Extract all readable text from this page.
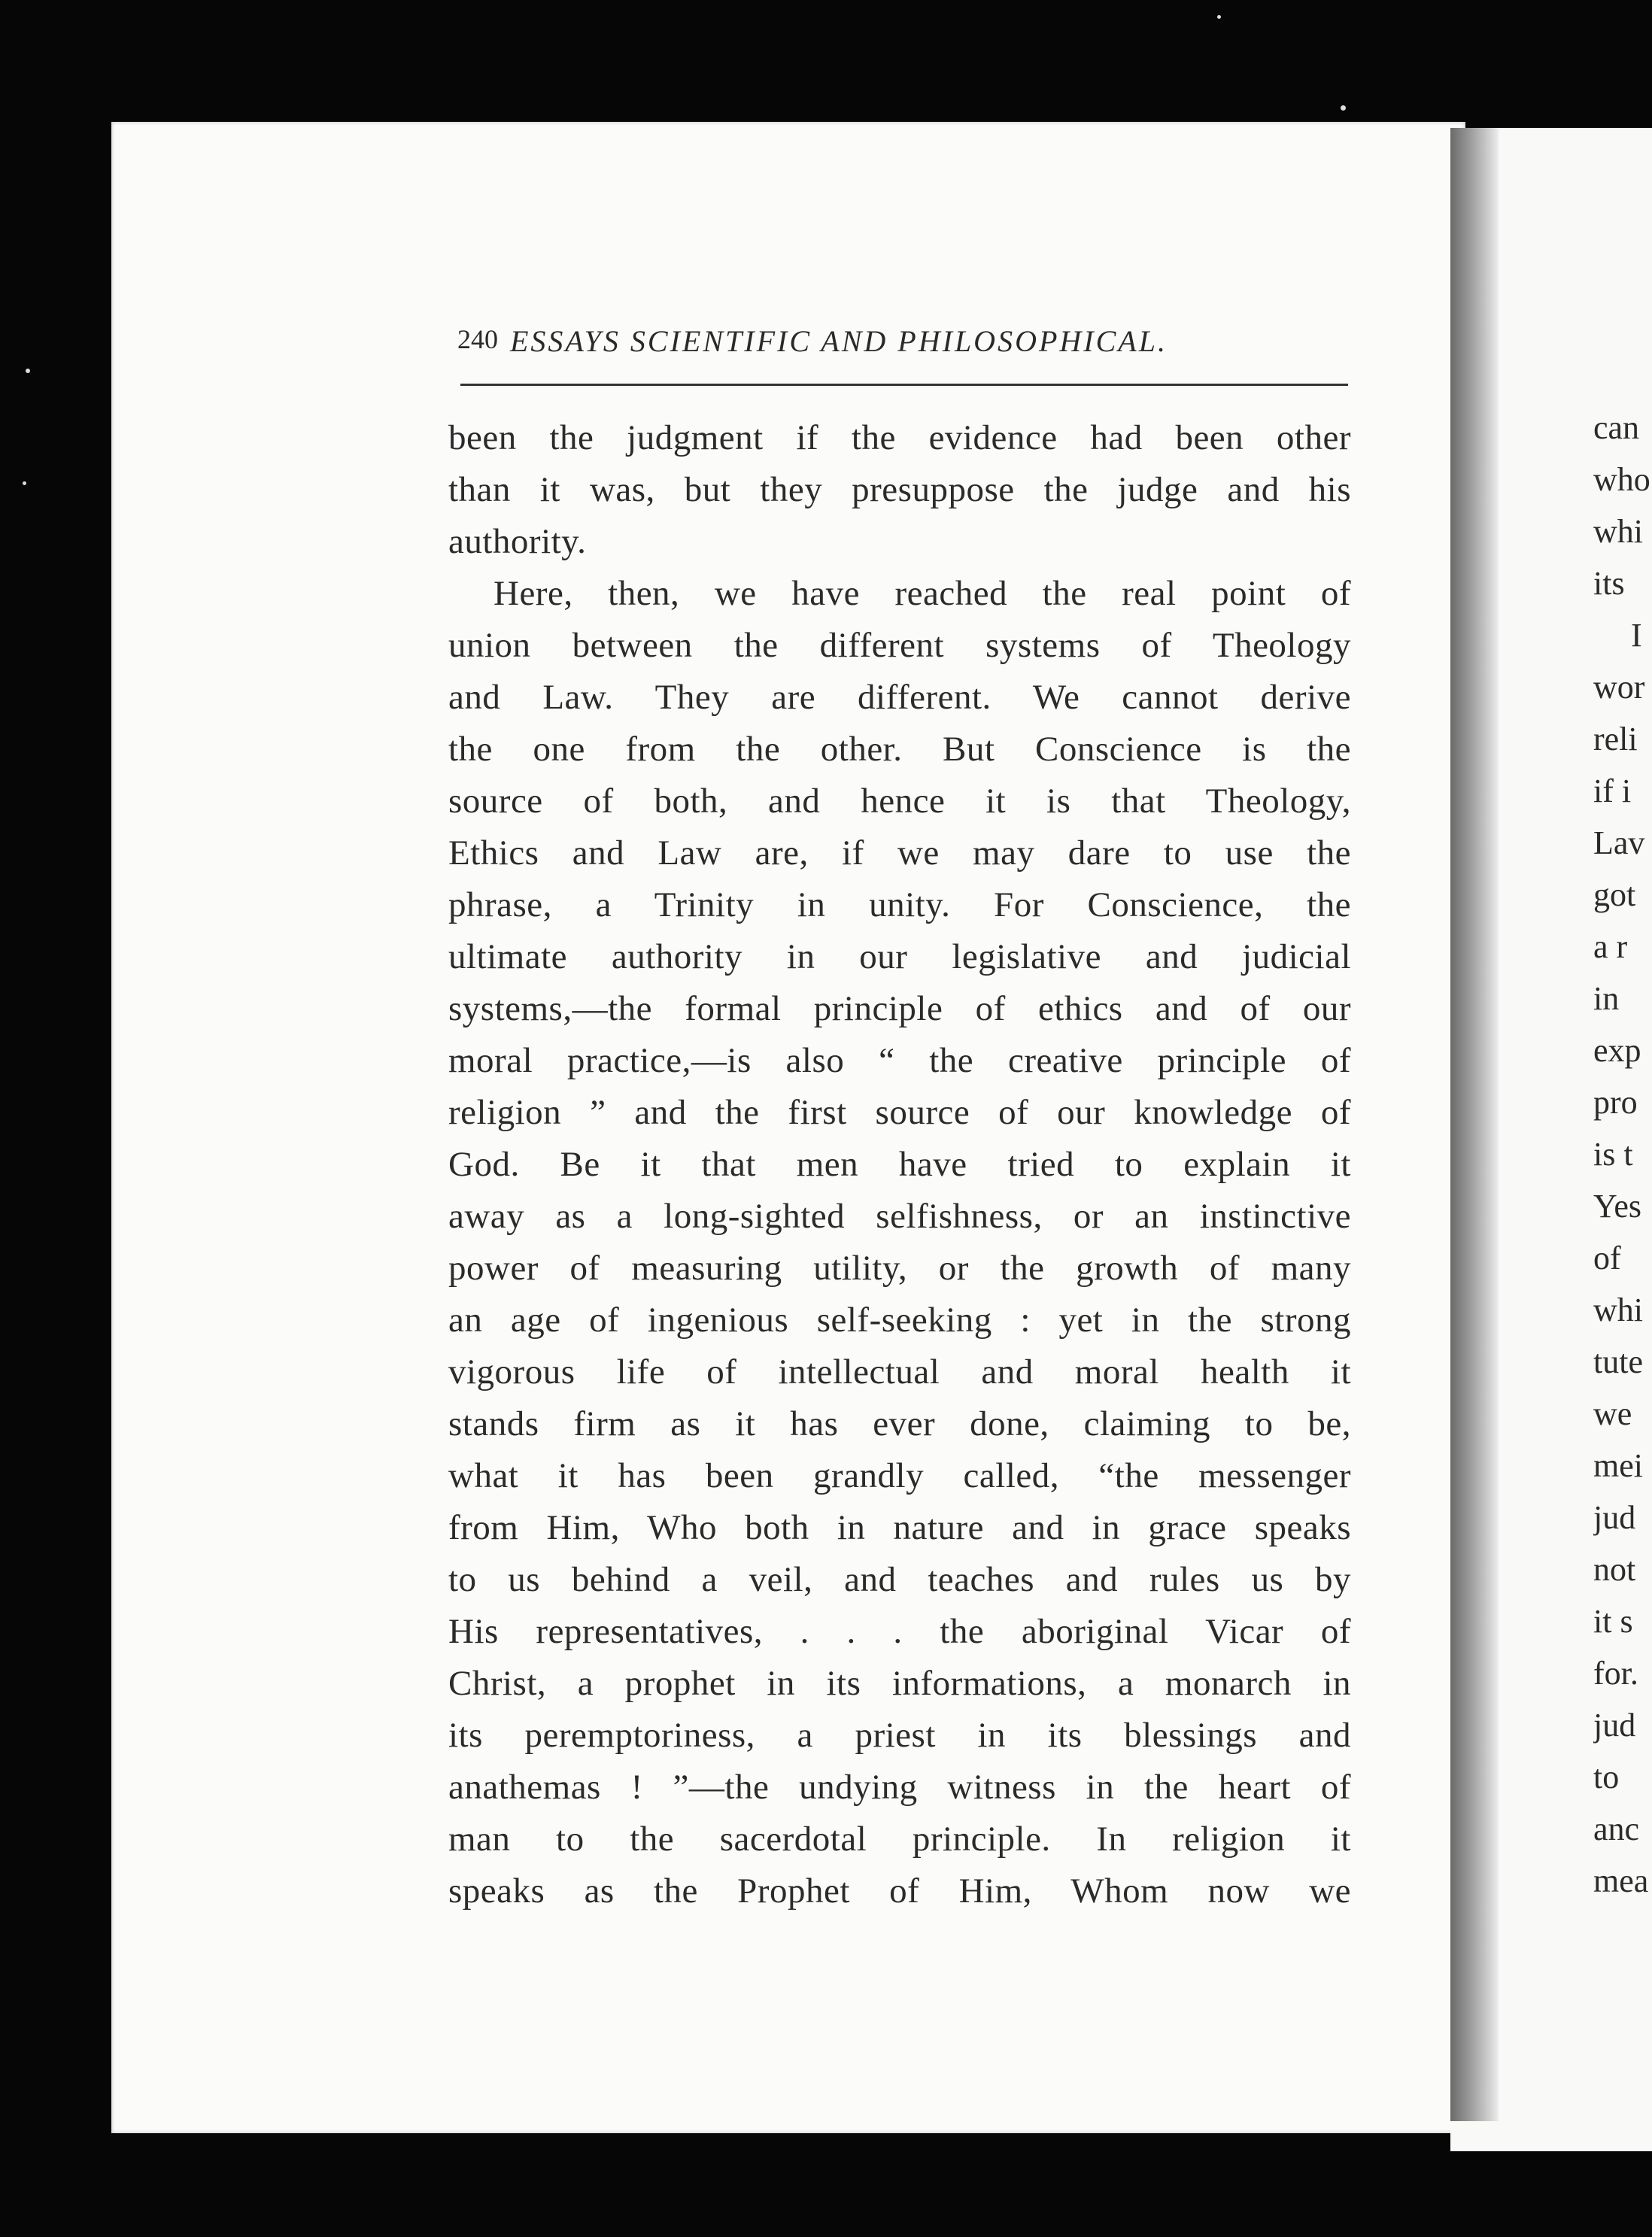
240 ESSAYS SCIENTIFIC AND PHILOSOPHICAL.
been the judgment if the evidence had been other
than it was, but they presuppose the judge and his
authority.
Here, then, we have reached the real point of
union between the different systems of Theology
and Law. They are different. We cannot derive
the one from the other. But Conscience is the
source of both, and hence it is that Theology,
Ethics and Law are, if we may dare to use the
phrase, a Trinity in unity. For Conscience, the
ultimate authority in our legislative and judicial
systems,—the formal principle of ethics and of our
moral practice,—is also “ the creative principle of
religion ” and the first source of our knowledge of
God. Be it that men have tried to explain it
away as a long-sighted selfishness, or an instinctive
power of measuring utility, or the growth of many
an age of ingenious self-seeking : yet in the strong
vigorous life of intellectual and moral health it
stands firm as it has ever done, claiming to be,
what it has been grandly called, “the messenger
from Him, Who both in nature and in grace speaks
to us behind a veil, and teaches and rules us by
His representatives, . . . the aboriginal Vicar of
Christ, a prophet in its informations, a monarch in
its peremptoriness, a priest in its blessings and
anathemas ! ”—the undying witness in the heart of
man to the sacerdotal principle. In religion it
speaks as the Prophet of Him, Whom now we
can
who
whi
its
I
wor
reli
if i
Lav
got
a r
in
exp
pro
is t
Yes
of
whi
tute
we
mei
jud
not
it s
for.
jud
to
anc
mea
